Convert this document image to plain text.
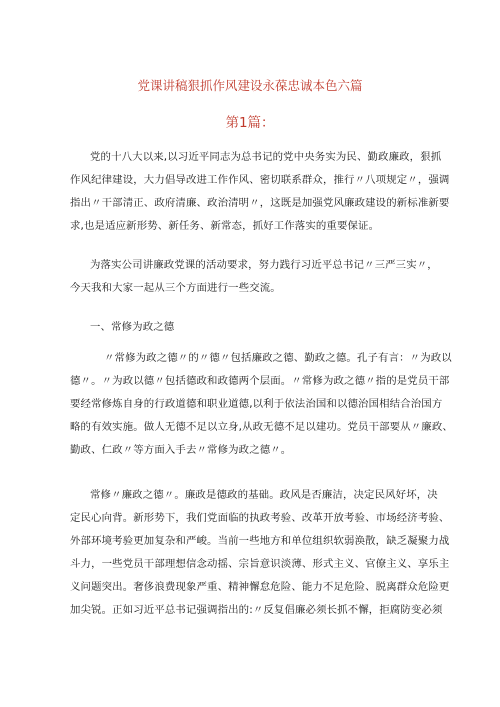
党课讲稿狠抓作风建设永葆忠诚本色六篇
第1篇：
党的十八大以来,以习近平同志为总书记的党中央务实为民、勤政廉政，狠抓
作风纪律建设，大力倡导改进工作作风、密切联系群众，推行〃八项规定〃，强调
指出〃干部清正、政府清廉、政治清明〃，这既是加强党风廉政建设的新标准新要
求,也是适应新形势、新任务、新常态，抓好工作落实的重要保证。
为落实公司讲廉政党课的活动要求，努力践行习近平总书记〃三严三实〃，
今天我和大家一起从三个方面进行一些交流。
一、常修为政之德
〃常修为政之德〃的〃德〃包括廉政之德、勤政之德。孔子有言：〃为政以
德〃。〃为政以德〃包括德政和政德两个层面。〃常修为政之德〃指的是党员干部
要经常修炼自身的行政道德和职业道德,以利于依法治国和以德治国相结合治国方
略的有效实施。做人无德不足以立身,从政无德不足以建功。党员干部要从〃廉政、
勤政、仁政〃等方面入手去〃常修为政之德〃。
常修〃廉政之德〃。廉政是德政的基础。政风是否廉洁，决定民风好坏，决
定民心向背。新形势下，我们党面临的执政考验、改革开放考验、市场经济考验、
外部环境考验更加复杂和严峻。当前一些地方和单位组织软弱涣散，缺乏凝聚力战
斗力，一些党员干部理想信念动摇、宗旨意识淡薄、形式主义、官僚主义、享乐主
义问题突出。奢侈浪费现象严重、精神懈怠危险、能力不足危险、脱离群众危险更
加尖锐。正如习近平总书记强调指出的:〃反复倡廉必须长抓不懈，拒腐防变必须
